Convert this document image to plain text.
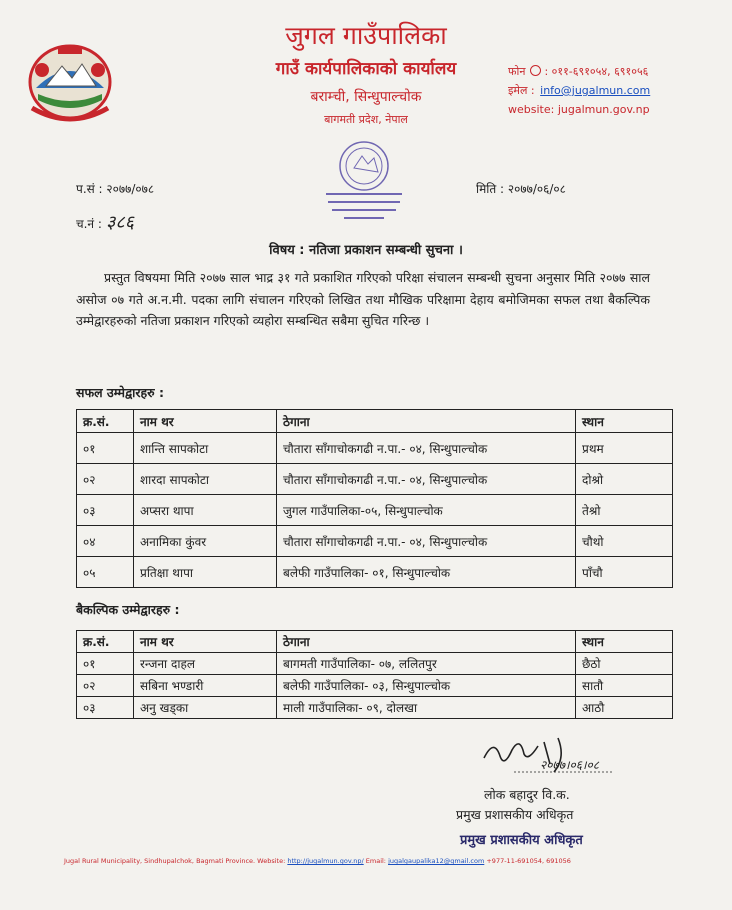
जुगल गाउँपालिका
गाउँ कार्यपालिकाको कार्यालय
बराम्ची, सिन्धुपाल्चोक
बागमती प्रदेश, नेपाल
फोन : ०११-६९१०५४, ६९१०५६
इमेल : info@jugalmun.com
website: jugalmun.gov.np
प.सं : २०७७/०७८	मिति : २०७७/०६/०८
च.नं : ३८६
विषय : नतिजा प्रकाशन सम्बन्धी सुचना ।
प्रस्तुत विषयमा मिति २०७७ साल भाद्र ३१ गते प्रकाशित गरिएको परिक्षा संचालन सम्बन्धी सुचना अनुसार मिति २०७७ साल असोज ०७ गते अ.न.मी. पदका लागि संचालन गरिएको लिखित तथा मौखिक परिक्षामा देहाय बमोजिमका सफल तथा बैकल्पिक उम्मेद्वारहरुको नतिजा प्रकाशन गरिएको व्यहोरा सम्बन्धित सबैमा सुचित गरिन्छ ।
सफल उम्मेद्वारहरु :
क्र.सं.	नाम थर	ठेगाना	स्थान
०१	शान्ति सापकोटा	चौतारा साँगाचोकगढी न.पा.- ०४, सिन्धुपाल्चोक	प्रथम
०२	शारदा सापकोटा	चौतारा साँगाचोकगढी न.पा.- ०४, सिन्धुपाल्चोक	दोश्रो
०३	अप्सरा थापा	जुगल गाउँपालिका-०५, सिन्धुपाल्चोक	तेश्रो
०४	अनामिका कुंवर	चौतारा साँगाचोकगढी न.पा.- ०४, सिन्धुपाल्चोक	चौथो
०५	प्रतिक्षा थापा	बलेफी गाउँपालिका- ०१, सिन्धुपाल्चोक	पाँचौ
बैकल्पिक उम्मेद्वारहरु :
क्र.सं.	नाम थर	ठेगाना	स्थान
०१	रन्जना दाहल	बागमती गाउँपालिका- ०७, ललितपुर	छैठो
०२	सबिना भण्डारी	बलेफी गाउँपालिका- ०३, सिन्धुपाल्चोक	सातौ
०३	अनु खड्का	माली गाउँपालिका- ०९, दोलखा	आठौ
२०७७।०६।०८
लोक बहादुर वि.क.
प्रमुख प्रशासकीय अधिकृत
प्रमुख प्रशासकीय अधिकृत
Jugal Rural Municipality, Sindhupalchok, Bagmati Province. Website: http://jugalmun.gov.np/ Email: jugalgaupalika12@gmail.com +977-11-691054, 691056
